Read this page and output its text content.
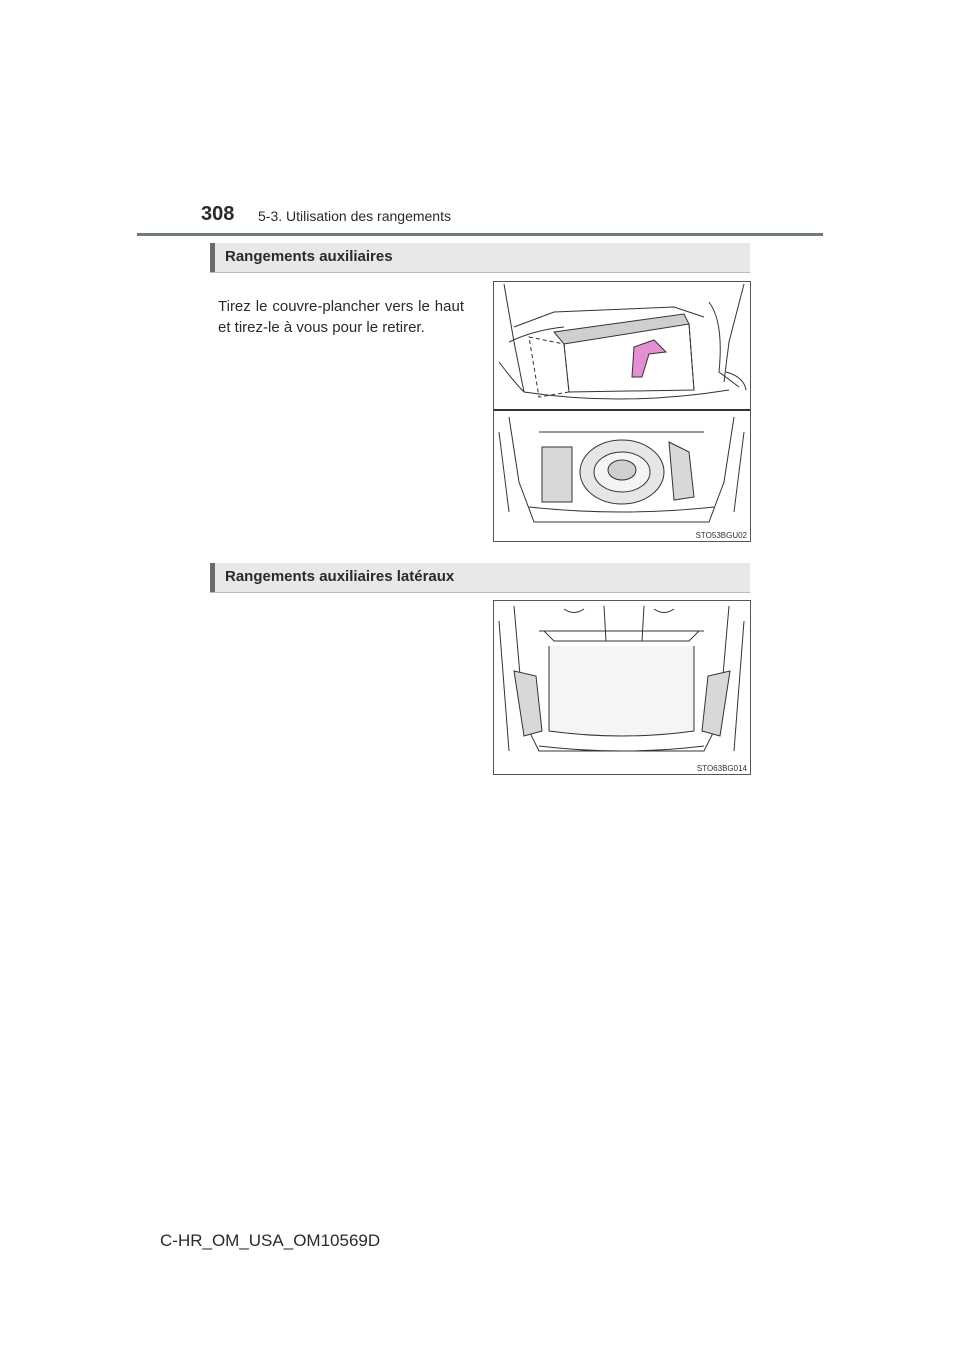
308 5-3. Utilisation des rangements
Rangements auxiliaires
Tirez le couvre-plancher vers le haut et tirez-le à vous pour le retirer.
STO53BGU02
Rangements auxiliaires latéraux
STO63BG014
C-HR_OM_USA_OM10569D
